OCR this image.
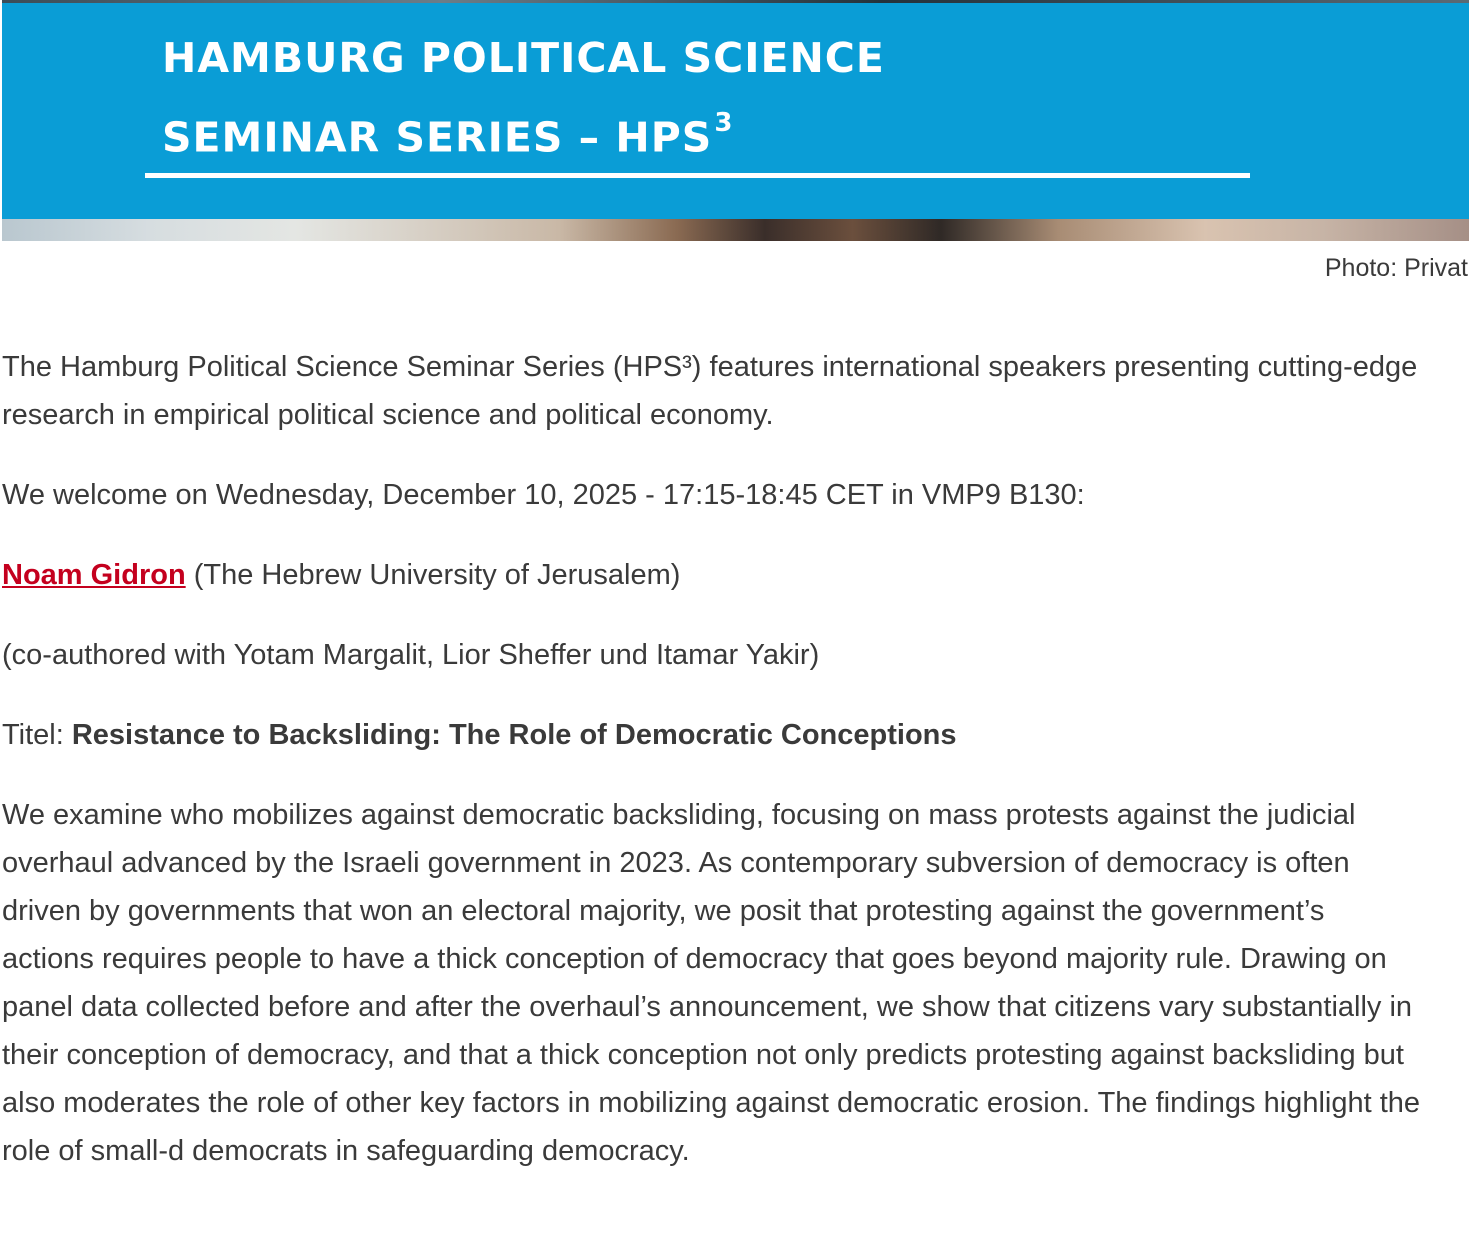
HAMBURG POLITICAL SCIENCE
SEMINAR SERIES – HPS$^3$
Photo: Privat

The Hamburg Political Science Seminar Series (HPS³) features international speakers presenting cutting-edge research in empirical political science and political economy.

We welcome on Wednesday, December 10, 2025 - 17:15-18:45 CET in VMP9 B130:

Noam Gidron (The Hebrew University of Jerusalem)

(co-authored with Yotam Margalit, Lior Sheffer und Itamar Yakir)

Titel: Resistance to Backsliding: The Role of Democratic Conceptions

We examine who mobilizes against democratic backsliding, focusing on mass protests against the judicial overhaul advanced by the Israeli government in 2023. As contemporary subversion of democracy is often driven by governments that won an electoral majority, we posit that protesting against the government’s actions requires people to have a thick conception of democracy that goes beyond majority rule. Drawing on panel data collected before and after the overhaul’s announcement, we show that citizens vary substantially in their conception of democracy, and that a thick conception not only predicts protesting against backsliding but also moderates the role of other key factors in mobilizing against democratic erosion. The findings highlight the role of small-d democrats in safeguarding democracy.
